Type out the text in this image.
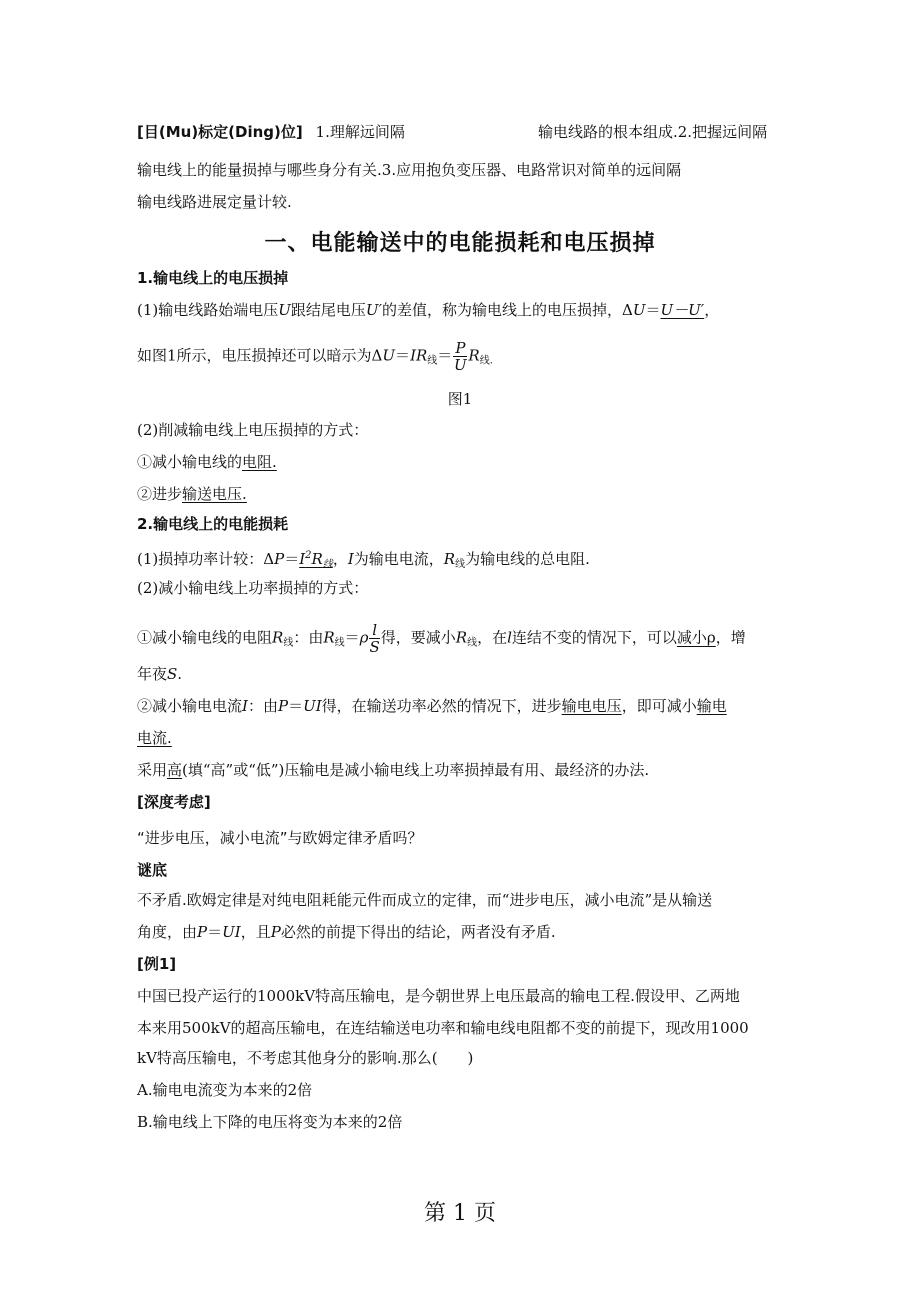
[目(Mu)标定(Ding)位] 1.理解远间隔	输电线路的根本组成.2.把握远间隔
输电线上的能量损掉与哪些身分有关.3.应用抱负变压器、电路常识对简单的远间隔
输电线路进展定量计较.
一、电能输送中的电能损耗和电压损掉
1.输电线上的电压损掉
(1)输电线路始端电压U跟结尾电压U′的差值，称为输电线上的电压损掉，ΔU＝U－U′，
如图1所示，电压损掉还可以暗示为$\Delta U=IR_线= \frac{P}{U} R_{线.}$
图1
(2)削减输电线上电压损掉的方式：
①减小输电线的电阻.
②进步输送电压.
2.输电线上的电能损耗
(1)损掉功率计较：$\Delta P=I^2R_线$，I为输电电流，$R_线$为输电线的总电阻.
(2)减小输电线上功率损掉的方式：
①减小输电线的电阻$R_线$：由$R_线=\rho \frac{l}{S}$ 得，要减小$R_线$，在l连结不变的情况下，可以减小ρ，增
年夜S.
②减小输电电流I：由P＝UI得，在输送功率必然的情况下，进步输电电压，即可减小输电
电流.
采用高(填“高”或“低”)压输电是减小输电线上功率损掉最有用、最经济的办法.
[深度考虑]
“进步电压，减小电流”与欧姆定律矛盾吗？
谜底
不矛盾.欧姆定律是对纯电阻耗能元件而成立的定律，而“进步电压，减小电流”是从输送
角度，由P＝UI，且P必然的前提下得出的结论，两者没有矛盾.
[例1]
中国已投产运行的1000kV特高压输电，是今朝世界上电压最高的输电工程.假设甲、乙两地
本来用500kV的超高压输电，在连结输送电功率和输电线电阻都不变的前提下，现改用1000
kV特高压输电，不考虑其他身分的影响.那么(　　)
A.输电电流变为本来的2倍
B.输电线上下降的电压将变为本来的2倍
第 1 页
